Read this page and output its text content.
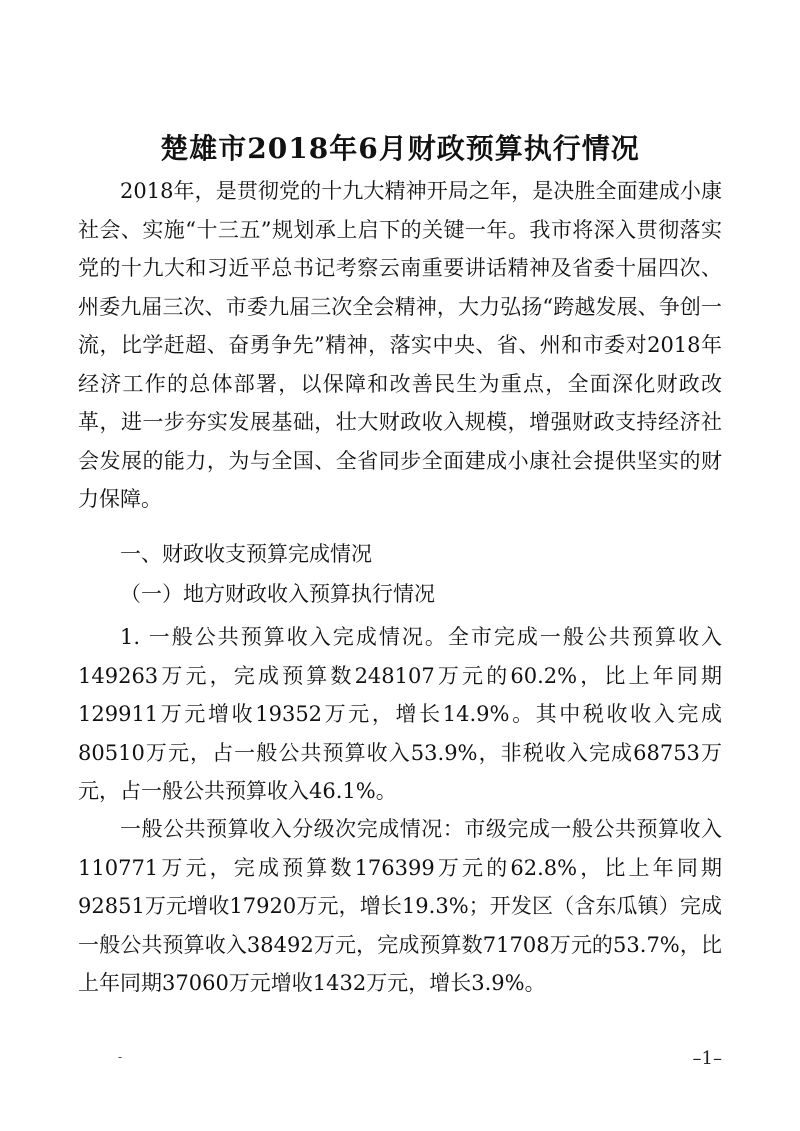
楚雄市2018年6月财政预算执行情况

2018年，是贯彻党的十九大精神开局之年，是决胜全面建成小康社会、实施“十三五”规划承上启下的关键一年。我市将深入贯彻落实党的十九大和习近平总书记考察云南重要讲话精神及省委十届四次、州委九届三次、市委九届三次全会精神，大力弘扬“跨越发展、争创一流，比学赶超、奋勇争先”精神，落实中央、省、州和市委对2018年经济工作的总体部署，以保障和改善民生为重点，全面深化财政改革，进一步夯实发展基础，壮大财政收入规模，增强财政支持经济社会发展的能力，为与全国、全省同步全面建成小康社会提供坚实的财力保障。

一、财政收支预算完成情况

（一）地方财政收入预算执行情况

1. 一般公共预算收入完成情况。全市完成一般公共预算收入149263万元，完成预算数248107万元的60.2%，比上年同期129911万元增收19352万元，增长14.9%。其中税收收入完成80510万元，占一般公共预算收入53.9%，非税收入完成68753万元，占一般公共预算收入46.1%。

一般公共预算收入分级次完成情况：市级完成一般公共预算收入110771万元，完成预算数176399万元的62.8%，比上年同期92851万元增收17920万元，增长19.3%；开发区（含东瓜镇）完成一般公共预算收入38492万元，完成预算数71708万元的53.7%，比上年同期37060万元增收1432万元，增长3.9%。

-	–1–
